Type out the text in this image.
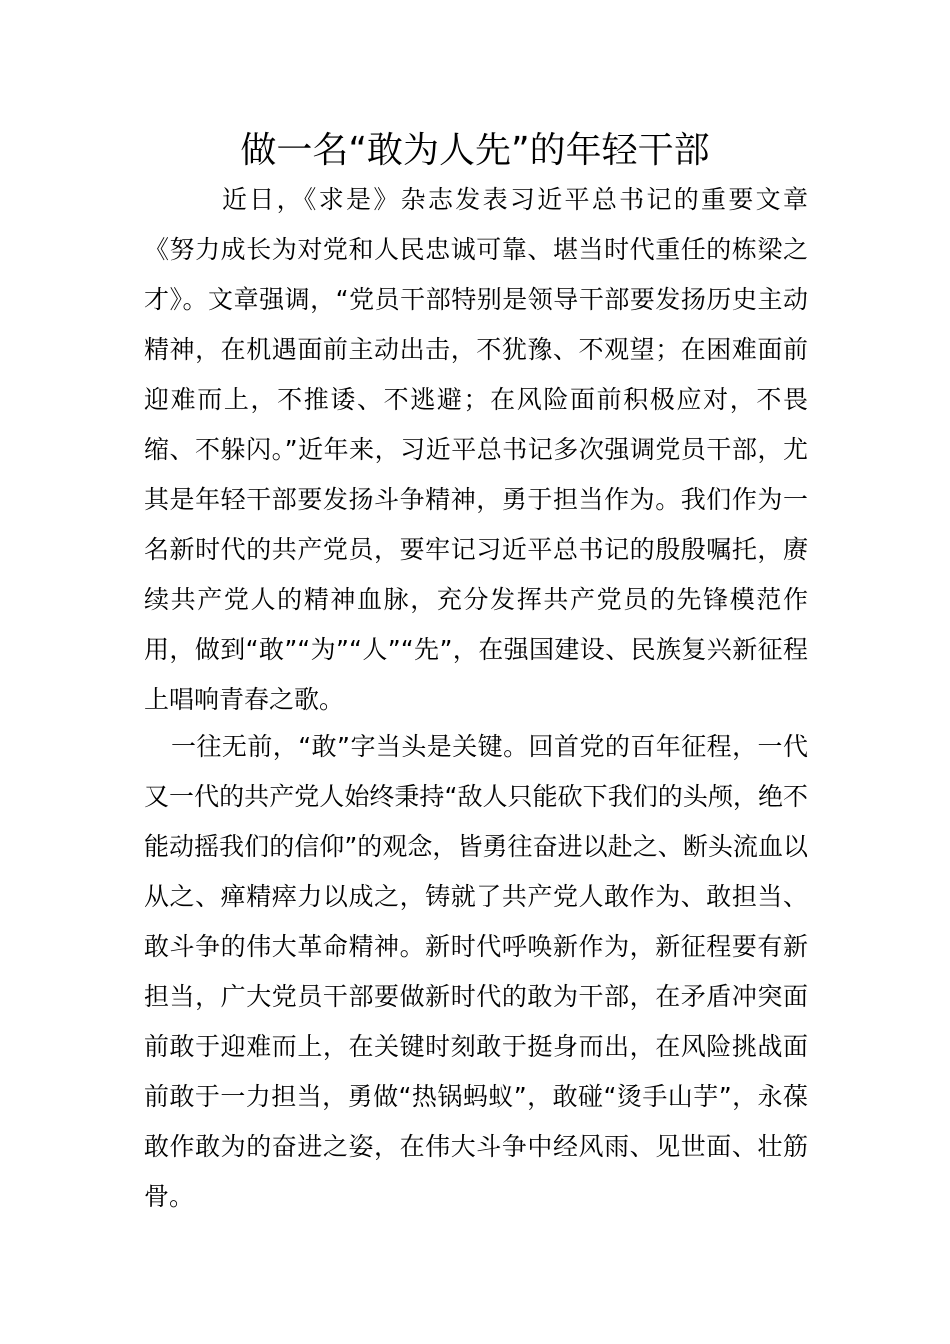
做一名“敢为人先”的年轻干部

近日，《求是》杂志发表习近平总书记的重要文章《努力成长为对党和人民忠诚可靠、堪当时代重任的栋梁之才》。文章强调，“党员干部特别是领导干部要发扬历史主动精神，在机遇面前主动出击，不犹豫、不观望；在困难面前迎难而上，不推诿、不逃避；在风险面前积极应对，不畏缩、不躲闪。”近年来，习近平总书记多次强调党员干部，尤其是年轻干部要发扬斗争精神，勇于担当作为。我们作为一名新时代的共产党员，要牢记习近平总书记的殷殷嘱托，赓续共产党人的精神血脉，充分发挥共产党员的先锋模范作用，做到“敢”“为”“人”“先”，在强国建设、民族复兴新征程上唱响青春之歌。

一往无前，“敢”字当头是关键。回首党的百年征程，一代又一代的共产党人始终秉持“敌人只能砍下我们的头颅，绝不能动摇我们的信仰”的观念，皆勇往奋进以赴之、断头流血以从之、瘅精瘁力以成之，铸就了共产党人敢作为、敢担当、敢斗争的伟大革命精神。新时代呼唤新作为，新征程要有新担当，广大党员干部要做新时代的敢为干部，在矛盾冲突面前敢于迎难而上，在关键时刻敢于挺身而出，在风险挑战面前敢于一力担当，勇做“热锅蚂蚁”，敢碰“烫手山芋”，永葆敢作敢为的奋进之姿，在伟大斗争中经风雨、见世面、壮筋骨。
